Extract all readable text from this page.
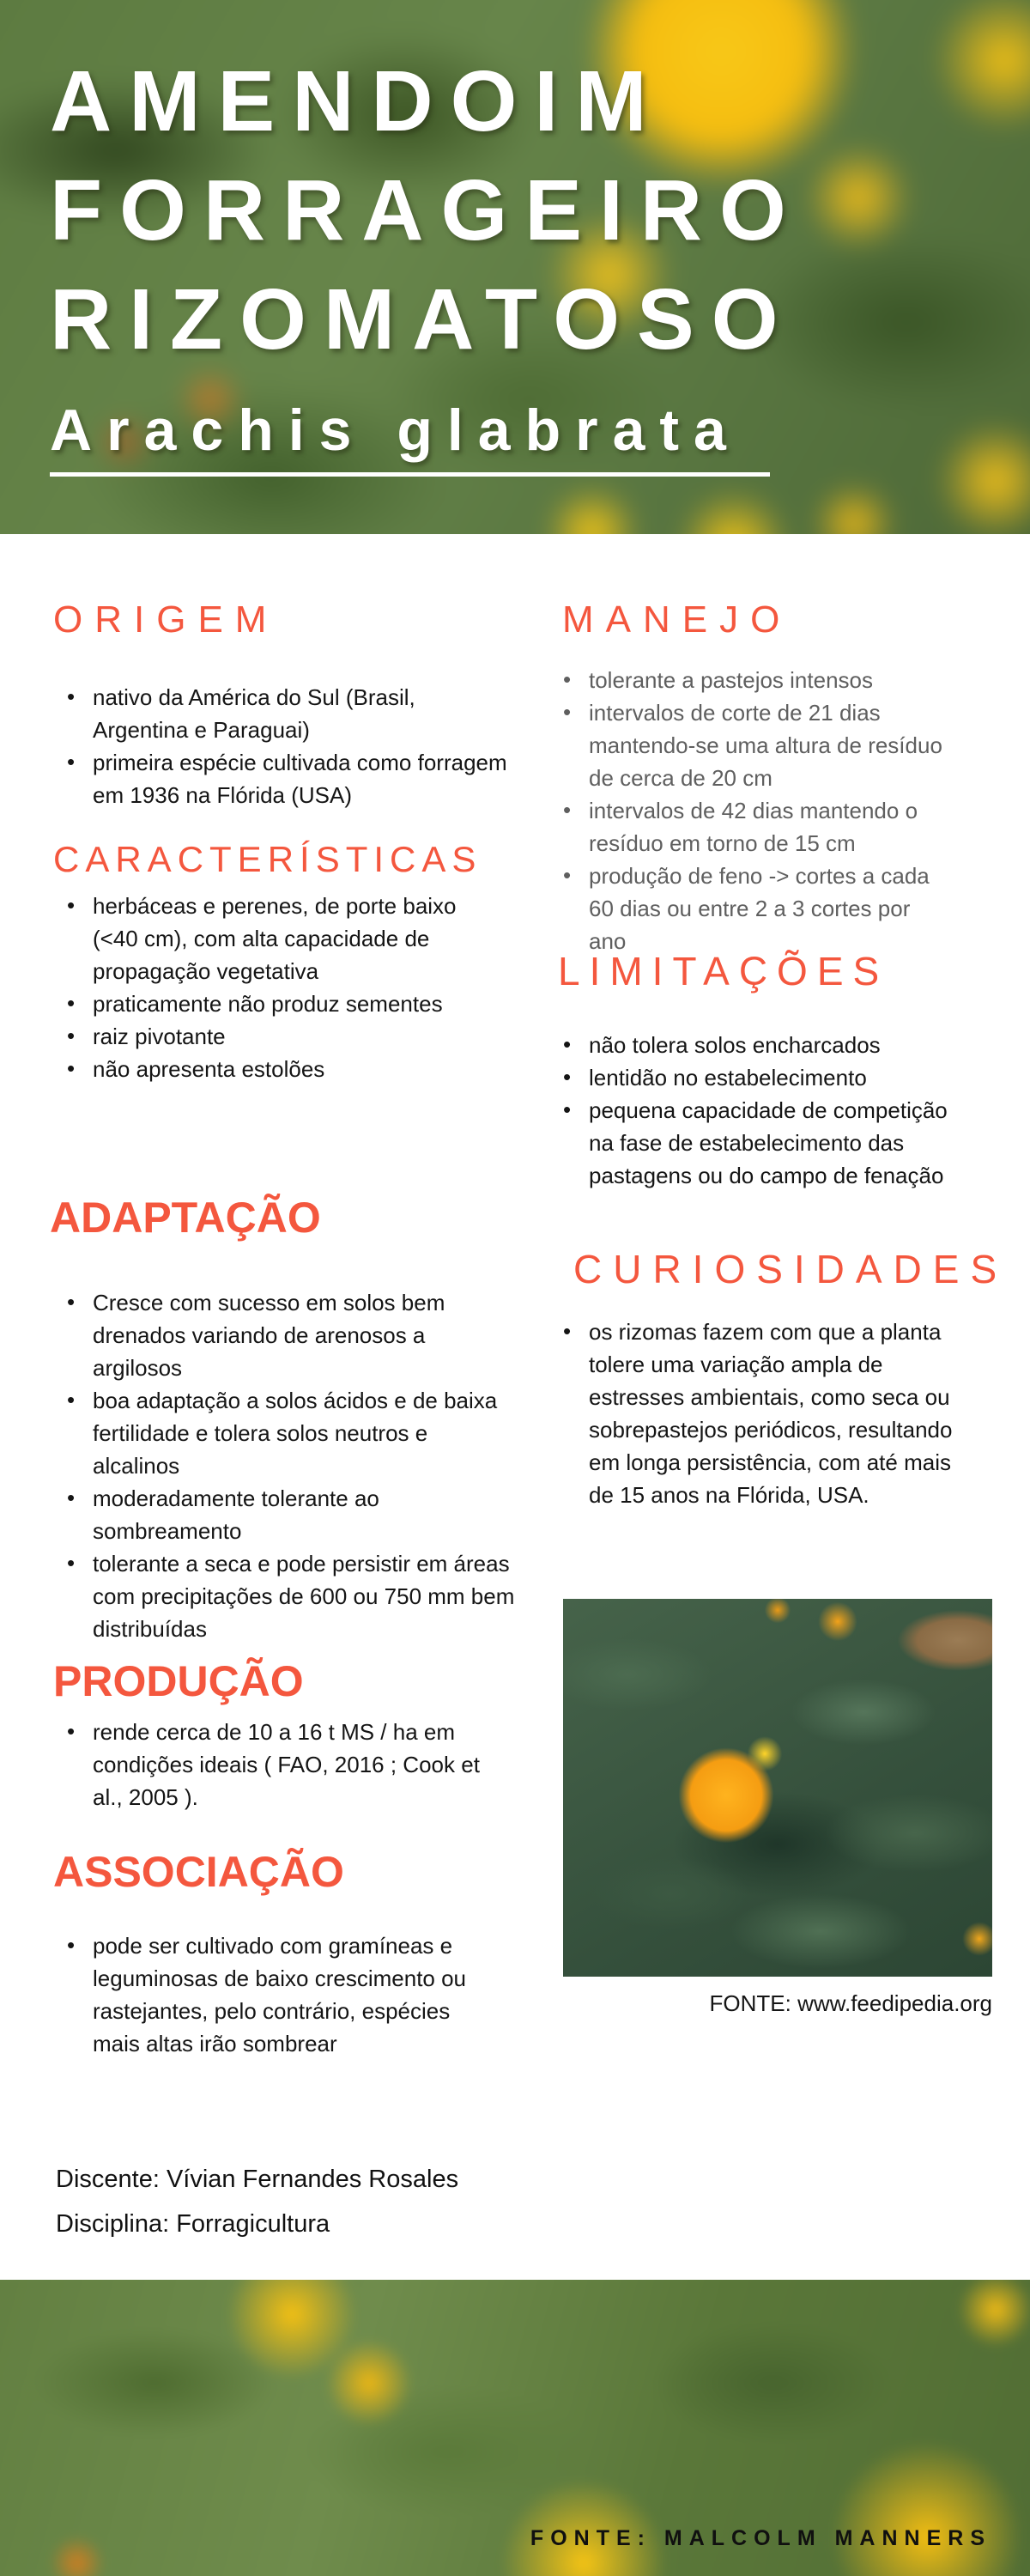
AMENDOIM
FORRAGEIRO
RIZOMATOSO
Arachis glabrata
ORIGEM
• nativo da América do Sul (Brasil, Argentina e Paraguai)
• primeira espécie cultivada como forragem em 1936 na Flórida (USA)
CARACTERÍSTICAS
• herbáceas e perenes, de porte baixo (<40 cm), com alta capacidade de propagação vegetativa
• praticamente não produz sementes
• raiz pivotante
• não apresenta estolões
ADAPTAÇÃO
• Cresce com sucesso em solos bem drenados variando de arenosos a argilosos
• boa adaptação a solos ácidos e de baixa fertilidade e tolera solos neutros e alcalinos
• moderadamente tolerante ao sombreamento
• tolerante a seca e pode persistir em áreas com precipitações de 600 ou 750 mm bem distribuídas
PRODUÇÃO
• rende cerca de 10 a 16 t MS / ha em condições ideais ( FAO, 2016 ; Cook et al., 2005 ).
ASSOCIAÇÃO
• pode ser cultivado com gramíneas e leguminosas de baixo crescimento ou rastejantes, pelo contrário, espécies mais altas irão sombrear
MANEJO
• tolerante a pastejos intensos
• intervalos de corte de 21 dias mantendo-se uma altura de resíduo de cerca de 20 cm
• intervalos de 42 dias mantendo o resíduo em torno de 15 cm
• produção de feno -> cortes a cada 60 dias ou entre 2 a 3 cortes por ano
LIMITAÇÕES
• não tolera solos encharcados
• lentidão no estabelecimento
• pequena capacidade de competição na fase de estabelecimento das pastagens ou do campo de fenação
CURIOSIDADES
• os rizomas fazem com que a planta tolere uma variação ampla de estresses ambientais, como seca ou sobrepastejos periódicos, resultando em longa persistência, com até mais de 15 anos na Flórida, USA.
FONTE: www.feedipedia.org
Discente: Vívian Fernandes Rosales
Disciplina: Forragicultura
FONTE: MALCOLM MANNERS
